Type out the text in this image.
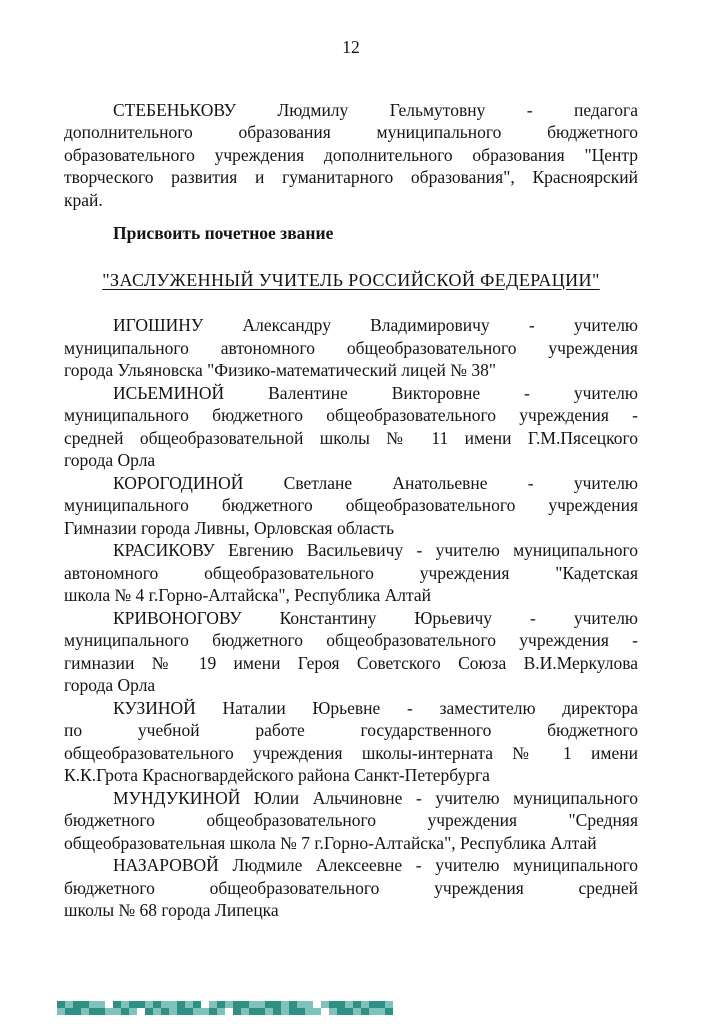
12
СТЕБЕНЬКОВУ Людмилу Гельмутовну - педагога
дополнительного образования муниципального бюджетного
образовательного учреждения дополнительного образования "Центр
творческого развития и гуманитарного образования", Красноярский
край.

Присвоить почетное звание

"ЗАСЛУЖЕННЫЙ УЧИТЕЛЬ РОССИЙСКОЙ ФЕДЕРАЦИИ"
ИГОШИНУ Александру Владимировичу - учителю
муниципального автономного общеобразовательного учреждения
города Ульяновска "Физико-математический лицей № 38"
ИСЬЕМИНОЙ Валентине Викторовне - учителю
муниципального бюджетного общеобразовательного учреждения -
средней общеобразовательной школы № 11 имени Г.М.Пясецкого
города Орла
КОРОГОДИНОЙ Светлане Анатольевне - учителю
муниципального бюджетного общеобразовательного учреждения
Гимназии города Ливны, Орловская область
КРАСИКОВУ Евгению Васильевичу - учителю муниципального
автономного общеобразовательного учреждения "Кадетская
школа № 4 г.Горно-Алтайска", Республика Алтай
КРИВОНОГОВУ Константину Юрьевичу - учителю
муниципального бюджетного общеобразовательного учреждения -
гимназии № 19 имени Героя Советского Союза В.И.Меркулова
города Орла
КУЗИНОЙ Наталии Юрьевне - заместителю директора
по учебной работе государственного бюджетного
общеобразовательного учреждения школы-интерната № 1 имени
К.К.Грота Красногвардейского района Санкт-Петербурга
МУНДУКИНОЙ Юлии Альчиновне - учителю муниципального
бюджетного общеобразовательного учреждения "Средняя
общеобразовательная школа № 7 г.Горно-Алтайска", Республика Алтай
НАЗАРОВОЙ Людмиле Алексеевне - учителю муниципального
бюджетного общеобразовательного учреждения средней
школы № 68 города Липецка
